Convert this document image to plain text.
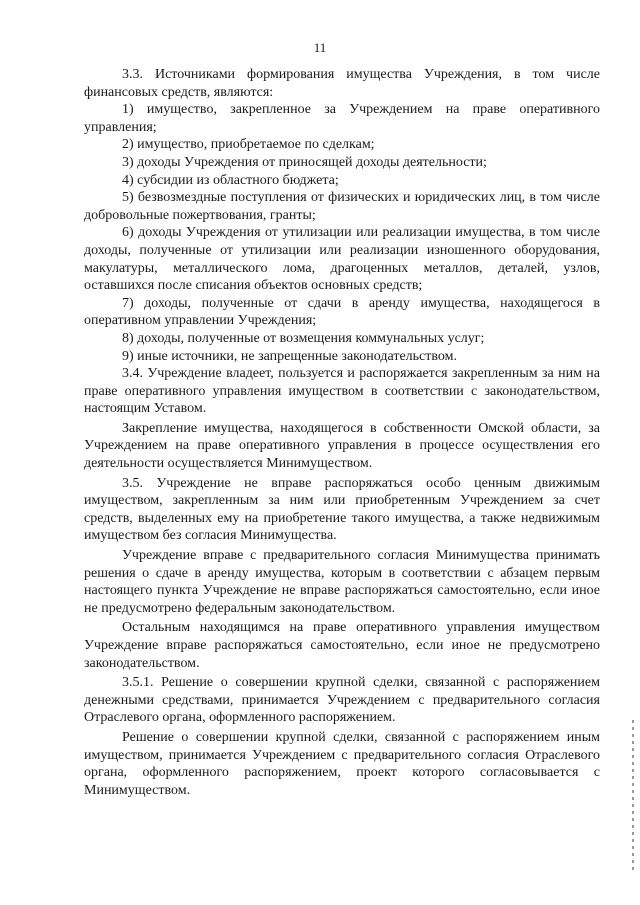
11

3.3. Источниками формирования имущества Учреждения, в том числе финансовых средств, являются:

1) имущество, закрепленное за Учреждением на праве оперативного управления;

2) имущество, приобретаемое по сделкам;

3) доходы Учреждения от приносящей доходы деятельности;

4) субсидии из областного бюджета;

5) безвозмездные поступления от физических и юридических лиц, в том числе добровольные пожертвования, гранты;

6) доходы Учреждения от утилизации или реализации имущества, в том числе доходы, полученные от утилизации или реализации изношенного оборудования, макулатуры, металлического лома, драгоценных металлов, деталей, узлов, оставшихся после списания объектов основных средств;

7) доходы, полученные от сдачи в аренду имущества, находящегося в оперативном управлении Учреждения;

8) доходы, полученные от возмещения коммунальных услуг;

9) иные источники, не запрещенные законодательством.

3.4. Учреждение владеет, пользуется и распоряжается закрепленным за ним на праве оперативного управления имуществом в соответствии с законодательством, настоящим Уставом.

Закрепление имущества, находящегося в собственности Омской области, за Учреждением на праве оперативного управления в процессе осуществления его деятельности осуществляется Минимуществом.

3.5. Учреждение не вправе распоряжаться особо ценным движимым имуществом, закрепленным за ним или приобретенным Учреждением за счет средств, выделенных ему на приобретение такого имущества, а также недвижимым имуществом без согласия Минимущества.

Учреждение вправе с предварительного согласия Минимущества принимать решения о сдаче в аренду имущества, которым в соответствии с абзацем первым настоящего пункта Учреждение не вправе распоряжаться самостоятельно, если иное не предусмотрено федеральным законодательством.

Остальным находящимся на праве оперативного управления имуществом Учреждение вправе распоряжаться самостоятельно, если иное не предусмотрено законодательством.

3.5.1. Решение о совершении крупной сделки, связанной с распоряжением денежными средствами, принимается Учреждением с предварительного согласия Отраслевого органа, оформленного распоряжением.

Решение о совершении крупной сделки, связанной с распоряжением иным имуществом, принимается Учреждением с предварительного согласия Отраслевого органа, оформленного распоряжением, проект которого согласовывается с Минимуществом.
